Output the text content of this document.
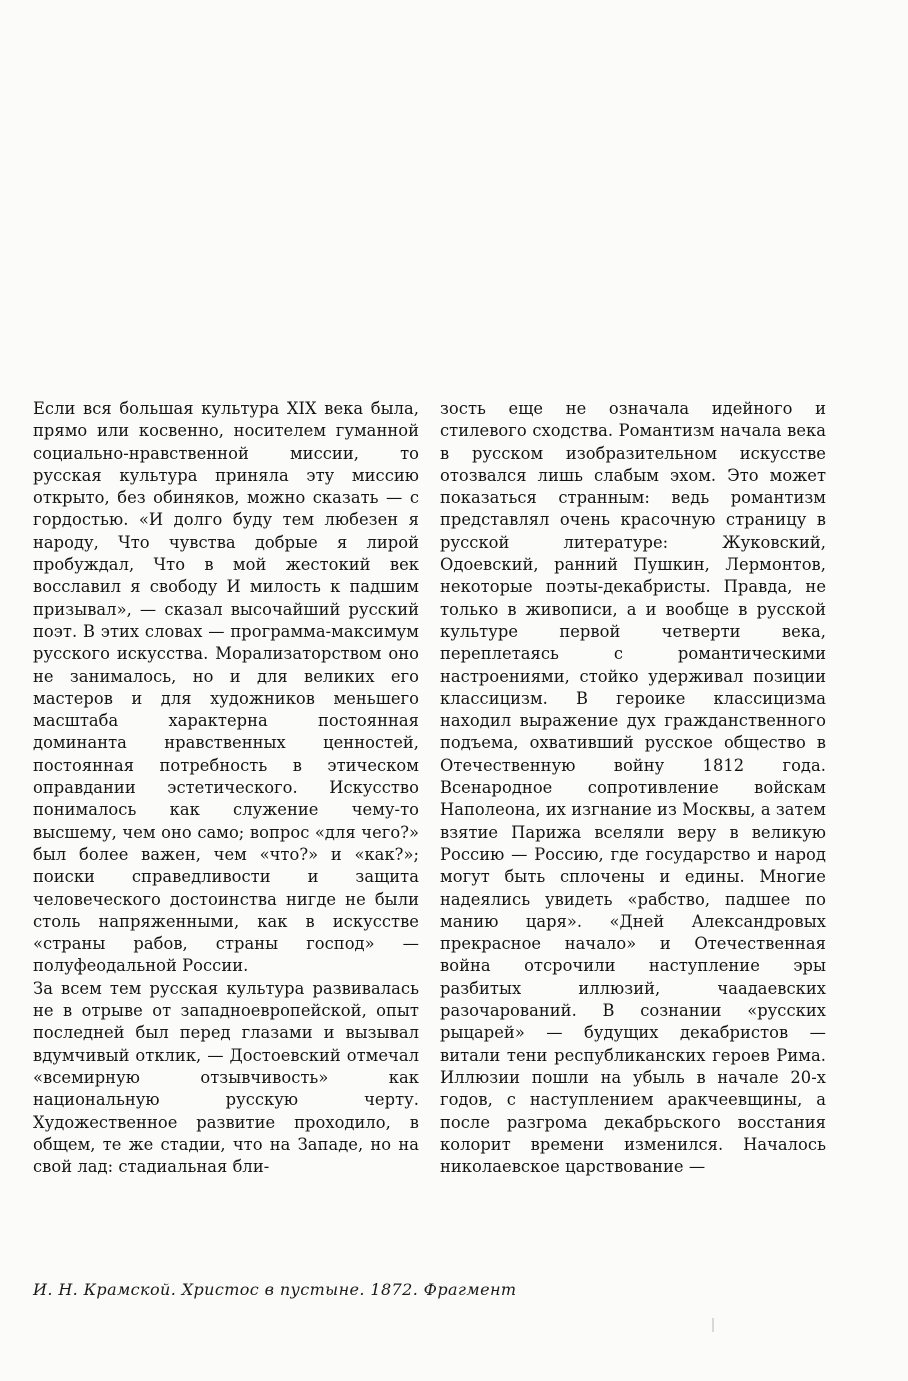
Если вся большая культура XIX века была, прямо или косвенно, носителем гуманной социально-нравственной миссии, то русская культура приняла эту миссию открыто, без обиняков, можно сказать — с гордостью. «И долго буду тем любезен я народу, Что чувства добрые я лирой пробуждал, Что в мой жестокий век восславил я свободу И милость к падшим призывал», — сказал высочайший русский поэт. В этих словах — программа-максимум русского искусства. Морализаторством оно не занималось, но и для великих его мастеров и для художников меньшего масштаба характерна постоянная доминанта нравственных ценностей, постоянная потребность в этическом оправдании эстетического. Искусство понималось как служение чему-то высшему, чем оно само; вопрос «для чего?» был более важен, чем «что?» и «как?»; поиски справедливости и защита человеческого достоинства нигде не были столь напряженными, как в искусстве «страны рабов, страны господ» — полуфеодальной России.

За всем тем русская культура развивалась не в отрыве от западноевропейской, опыт последней был перед глазами и вызывал вдумчивый отклик, — Достоевский отмечал «всемирную отзывчивость» как национальную русскую черту. Художественное развитие проходило, в общем, те же стадии, что на Западе, но на свой лад: стадиальная бли-

зость еще не означала идейного и стилевого сходства. Романтизм начала века в русском изобразительном искусстве отозвался лишь слабым эхом. Это может показаться странным: ведь романтизм представлял очень красочную страницу в русской литературе: Жуковский, Одоевский, ранний Пушкин, Лермонтов, некоторые поэты-декабристы. Правда, не только в живописи, а и вообще в русской культуре первой четверти века, переплетаясь с романтическими настроениями, стойко удерживал позиции классицизм. В героике классицизма находил выражение дух гражданственного подъема, охвативший русское общество в Отечественную войну 1812 года. Всенародное сопротивление войскам Наполеона, их изгнание из Москвы, а затем взятие Парижа вселяли веру в великую Россию — Россию, где государство и народ могут быть сплочены и едины. Многие надеялись увидеть «рабство, падшее по манию царя». «Дней Александровых прекрасное начало» и Отечественная война отсрочили наступление эры разбитых иллюзий, чаадаевских разочарований. В сознании «русских рыцарей» — будущих декабристов — витали тени республиканских героев Рима. Иллюзии пошли на убыль в начале 20-х годов, с наступлением аракчеевщины, а после разгрома декабрьского восстания колорит времени изменился. Началось николаевское царствование —

И. Н. Крамской. Христос в пустыне. 1872. Фрагмент
